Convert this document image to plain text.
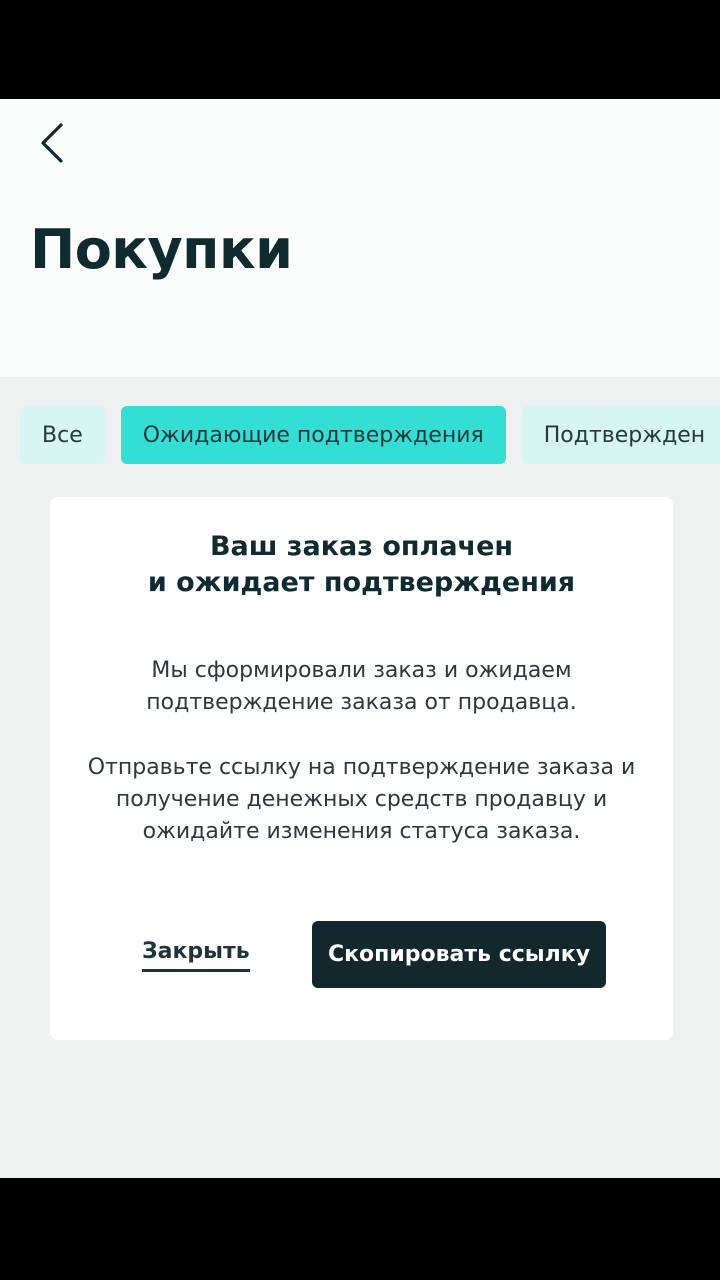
Покупки
Все	Ожидающие подтверждения	Подтвержден
Ваш заказ оплачен
и ожидает подтверждения

Мы сформировали заказ и ожидаем подтверждение заказа от продавца.

Отправьте ссылку на подтверждение заказа и получение денежных средств продавцу и ожидайте изменения статуса заказа.

Закрыть	Скопировать ссылку
